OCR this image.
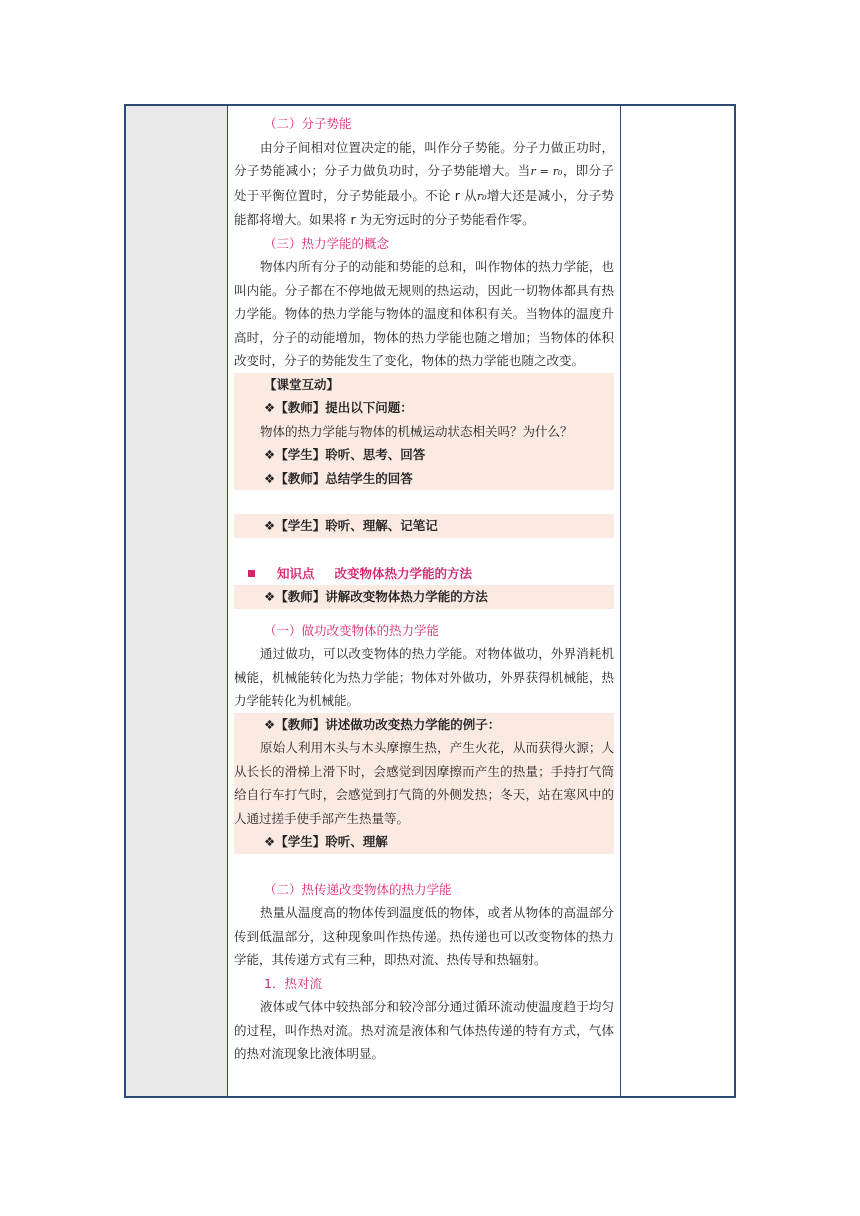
（二）分子势能

由分子间相对位置决定的能，叫作分子势能。分子力做正功时，分子势能减小；分子力做负功时，分子势能增大。当r = r₀，即分子处于平衡位置时，分子势能最小。不论 r 从r₀增大还是减小，分子势能都将增大。如果将 r 为无穷远时的分子势能看作零。

（三）热力学能的概念

物体内所有分子的动能和势能的总和，叫作物体的热力学能，也叫内能。分子都在不停地做无规则的热运动，因此一切物体都具有热力学能。物体的热力学能与物体的温度和体积有关。当物体的温度升高时，分子的动能增加，物体的热力学能也随之增加；当物体的体积改变时，分子的势能发生了变化，物体的热力学能也随之改变。

【课堂互动】
❖【教师】提出以下问题：
物体的热力学能与物体的机械运动状态相关吗？为什么？
❖【学生】聆听、思考、回答
❖【教师】总结学生的回答
❖【学生】聆听、理解、记笔记
知识点 改变物体热力学能的方法
❖【教师】讲解改变物体热力学能的方法

（一）做功改变物体的热力学能

通过做功，可以改变物体的热力学能。对物体做功，外界消耗机械能，机械能转化为热力学能；物体对外做功，外界获得机械能，热力学能转化为机械能。

❖【教师】讲述做功改变热力学能的例子：

原始人利用木头与木头摩擦生热，产生火花，从而获得火源；人从长长的滑梯上滑下时，会感觉到因摩擦而产生的热量；手持打气筒给自行车打气时，会感觉到打气筒的外侧发热；冬天，站在寒风中的人通过搓手使手部产生热量等。

❖【学生】聆听、理解

（二）热传递改变物体的热力学能

热量从温度高的物体传到温度低的物体，或者从物体的高温部分传到低温部分，这种现象叫作热传递。热传递也可以改变物体的热力学能，其传递方式有三种，即热对流、热传导和热辐射。

1．热对流

液体或气体中较热部分和较冷部分通过循环流动使温度趋于均匀的过程，叫作热对流。热对流是液体和气体热传递的特有方式，气体的热对流现象比液体明显。
